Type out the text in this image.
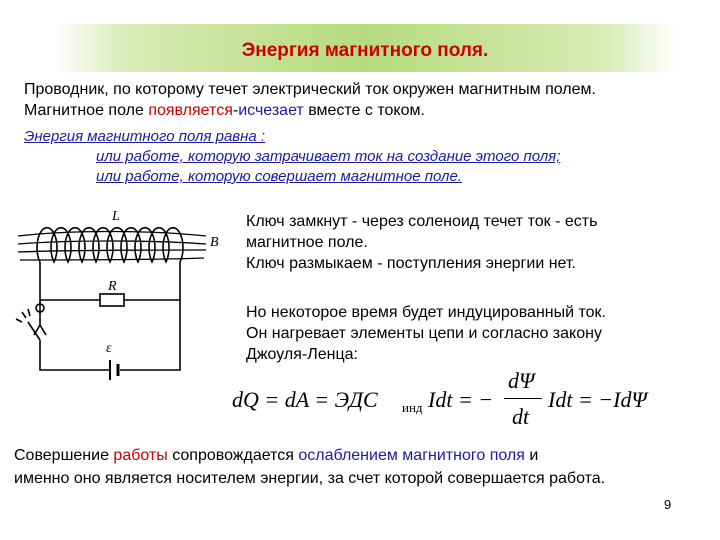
Энергия магнитного поля.
Проводник, по которому течет электрический ток окружен магнитным полем.
Магнитное поле появляется-исчезает вместе с током.
Энергия магнитного поля равна :
или работе, которую затрачивает ток на создание этого поля;
или работе, которую совершает магнитное поле.
L
B
R
ε
Ключ замкнут - через соленоид течет ток - есть
магнитное поле.
Ключ размыкаем - поступления энергии нет.
Но некоторое время будет индуцированный ток.
Он нагревает элементы цепи и согласно закону
Джоуля-Ленца:
dQ = dA = ЭДС инд Idt = −
dΨ
dt
Idt = −IdΨ
Совершение работы сопровождается ослаблением магнитного поля и
именно оно является носителем энергии, за счет которой совершается работа.
9
